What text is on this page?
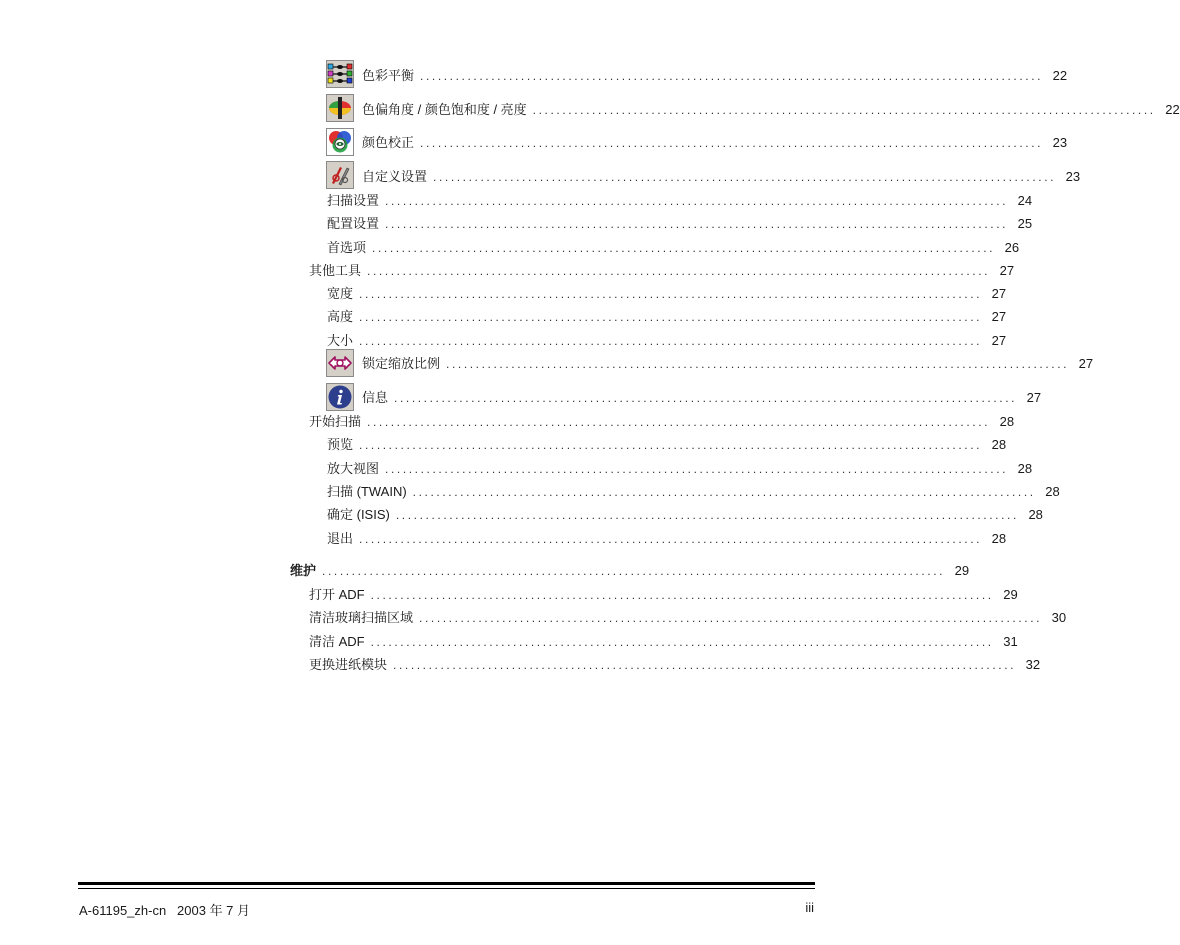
色彩平衡 ......................................................................................................... 22
色偏角度 / 颜色饱和度 / 亮度 ......................................................................................................... 22
颜色校正 ......................................................................................................... 23
自定义设置 ......................................................................................................... 23
扫描设置 ......................................................................................................... 24
配置设置 ......................................................................................................... 25
首选项 ......................................................................................................... 26
其他工具 ......................................................................................................... 27
宽度 ......................................................................................................... 27
高度 ......................................................................................................... 27
大小 ......................................................................................................... 27
锁定缩放比例 ......................................................................................................... 27
信息 ......................................................................................................... 27
开始扫描 ......................................................................................................... 28
预览 ......................................................................................................... 28
放大视图 ......................................................................................................... 28
扫描 (TWAIN) ......................................................................................................... 28
确定 (ISIS) ......................................................................................................... 28
退出 ......................................................................................................... 28
维护 ......................................................................................................... 29
打开 ADF ......................................................................................................... 29
清洁玻璃扫描区域 ......................................................................................................... 30
清洁 ADF ......................................................................................................... 31
更换进纸模块 ......................................................................................................... 32
A-61195_zh-cn   2003 年 7 月	iii
